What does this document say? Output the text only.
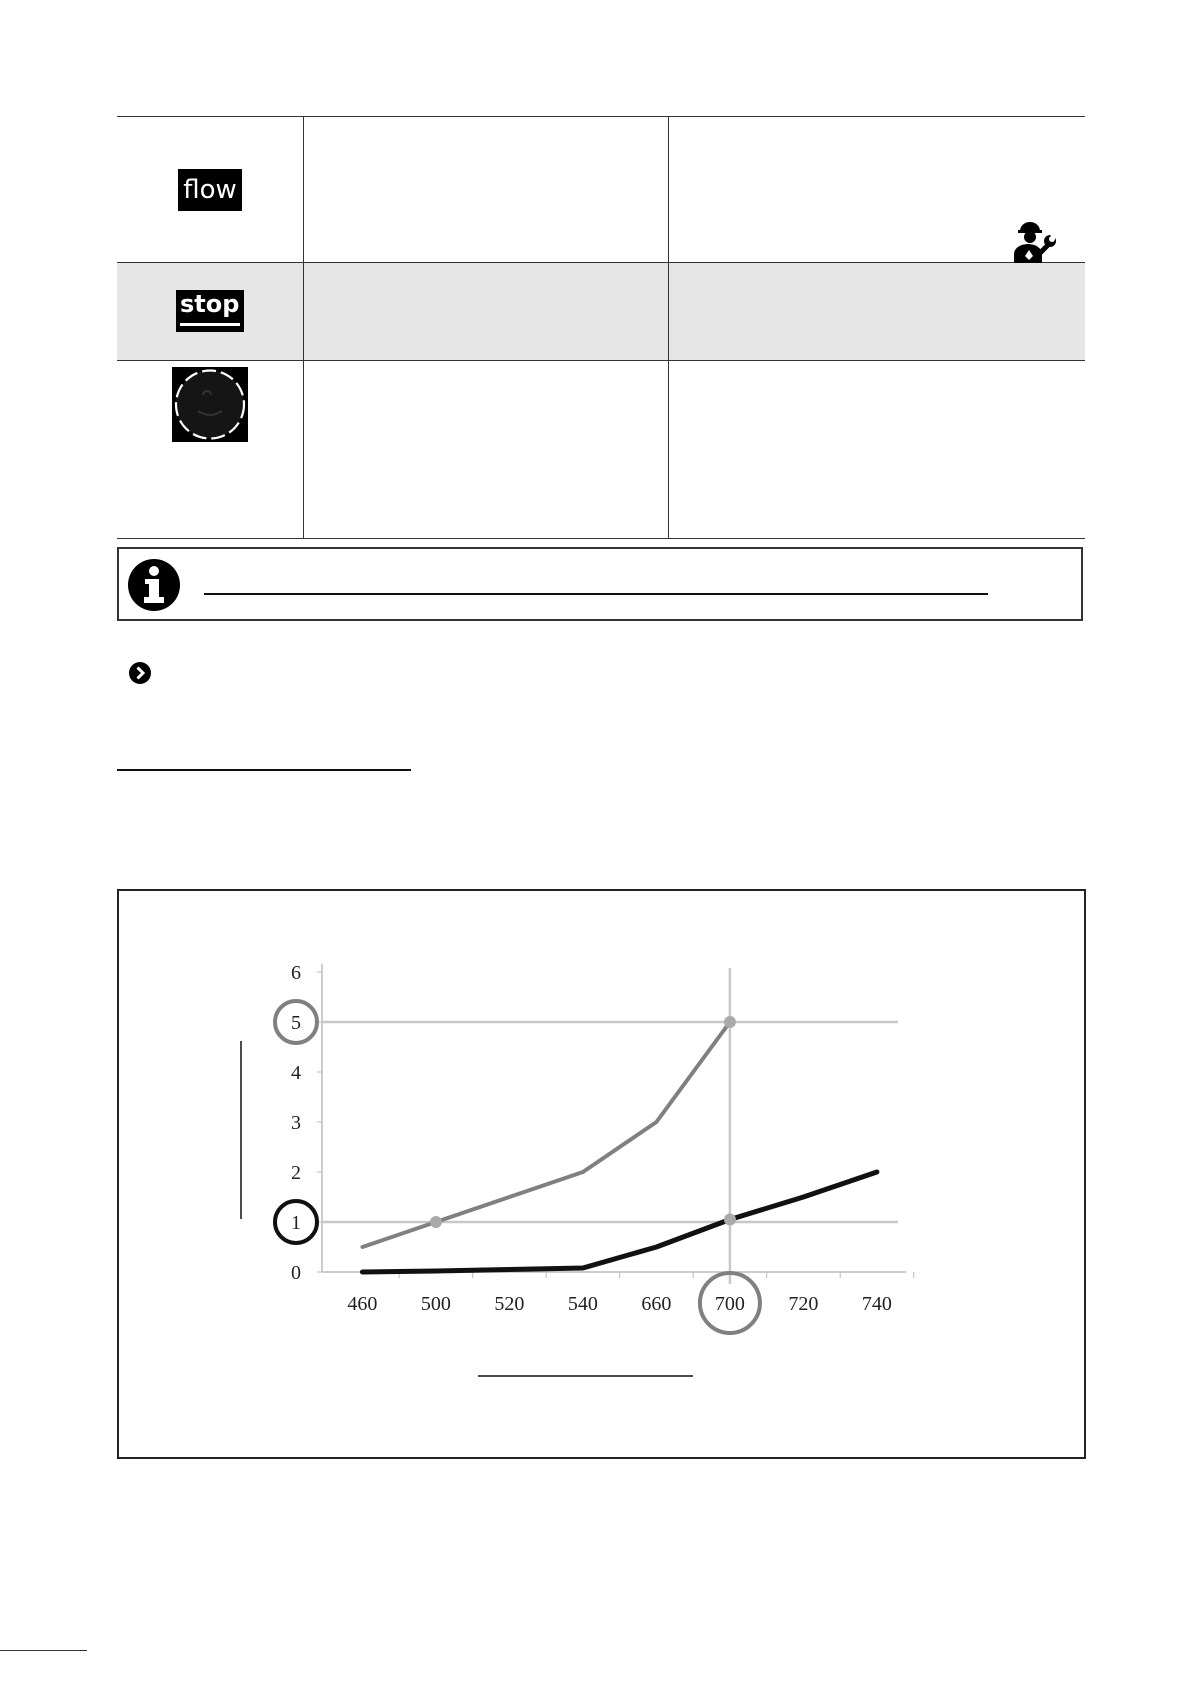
flow
stop
0
1
2
3
4
5
6
460 500 520 540 660 700 720 740
